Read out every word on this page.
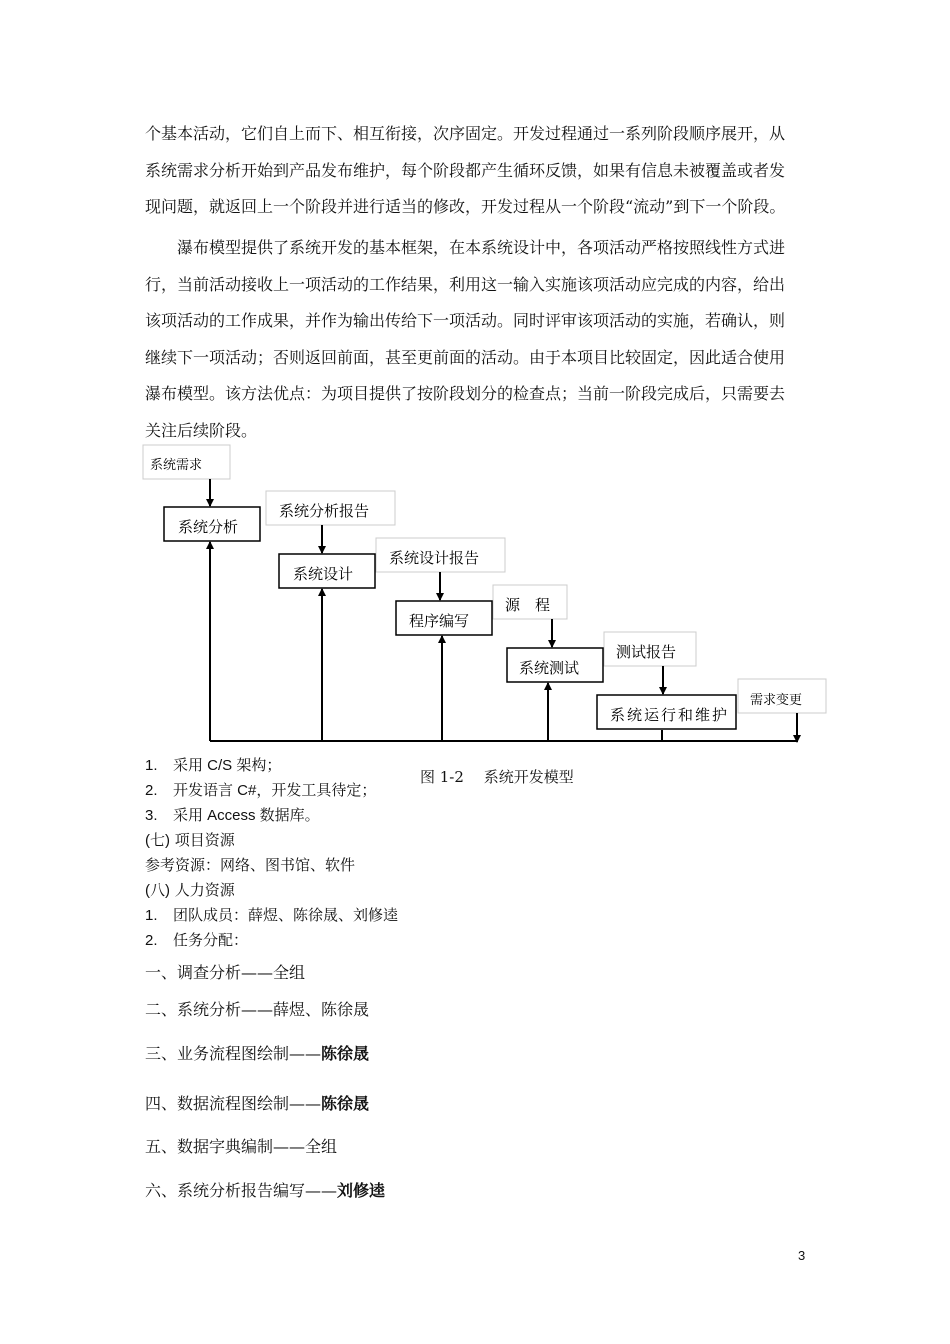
个基本活动，它们自上而下、相互衔接，次序固定。开发过程通过一系列阶段顺序展开，从
系统需求分析开始到产品发布维护，每个阶段都产生循环反馈，如果有信息未被覆盖或者发
现问题，就返回上一个阶段并进行适当的修改，开发过程从一个阶段“流动”到下一个阶段。
瀑布模型提供了系统开发的基本框架，在本系统设计中，各项活动严格按照线性方式进
行，当前活动接收上一项活动的工作结果，利用这一输入实施该项活动应完成的内容，给出
该项活动的工作成果，并作为输出传给下一项活动。同时评审该项活动的实施，若确认，则
继续下一项活动；否则返回前面，甚至更前面的活动。由于本项目比较固定，因此适合使用
瀑布模型。该方法优点：为项目提供了按阶段划分的检查点；当前一阶段完成后，只需要去
关注后续阶段。
系统需求
系统分析报告
系统设计报告
源　程
测试报告
需求变更
系统分析
系统设计
程序编写
系统测试
系统运行和维护
图 1-2　 系统开发模型
1. 采用 C/S 架构；
2. 开发语言 C#，开发工具待定；
3. 采用 Access 数据库。
(七) 项目资源
参考资源：网络、图书馆、软件
(八) 人力资源
1. 团队成员：薛煜、陈徐晟、刘修逵
2. 任务分配：
一、调查分析——全组
二、系统分析——薛煜、陈徐晟
三、业务流程图绘制——陈徐晟
四、数据流程图绘制——陈徐晟
五、数据字典编制——全组
六、系统分析报告编写——刘修逵
3
